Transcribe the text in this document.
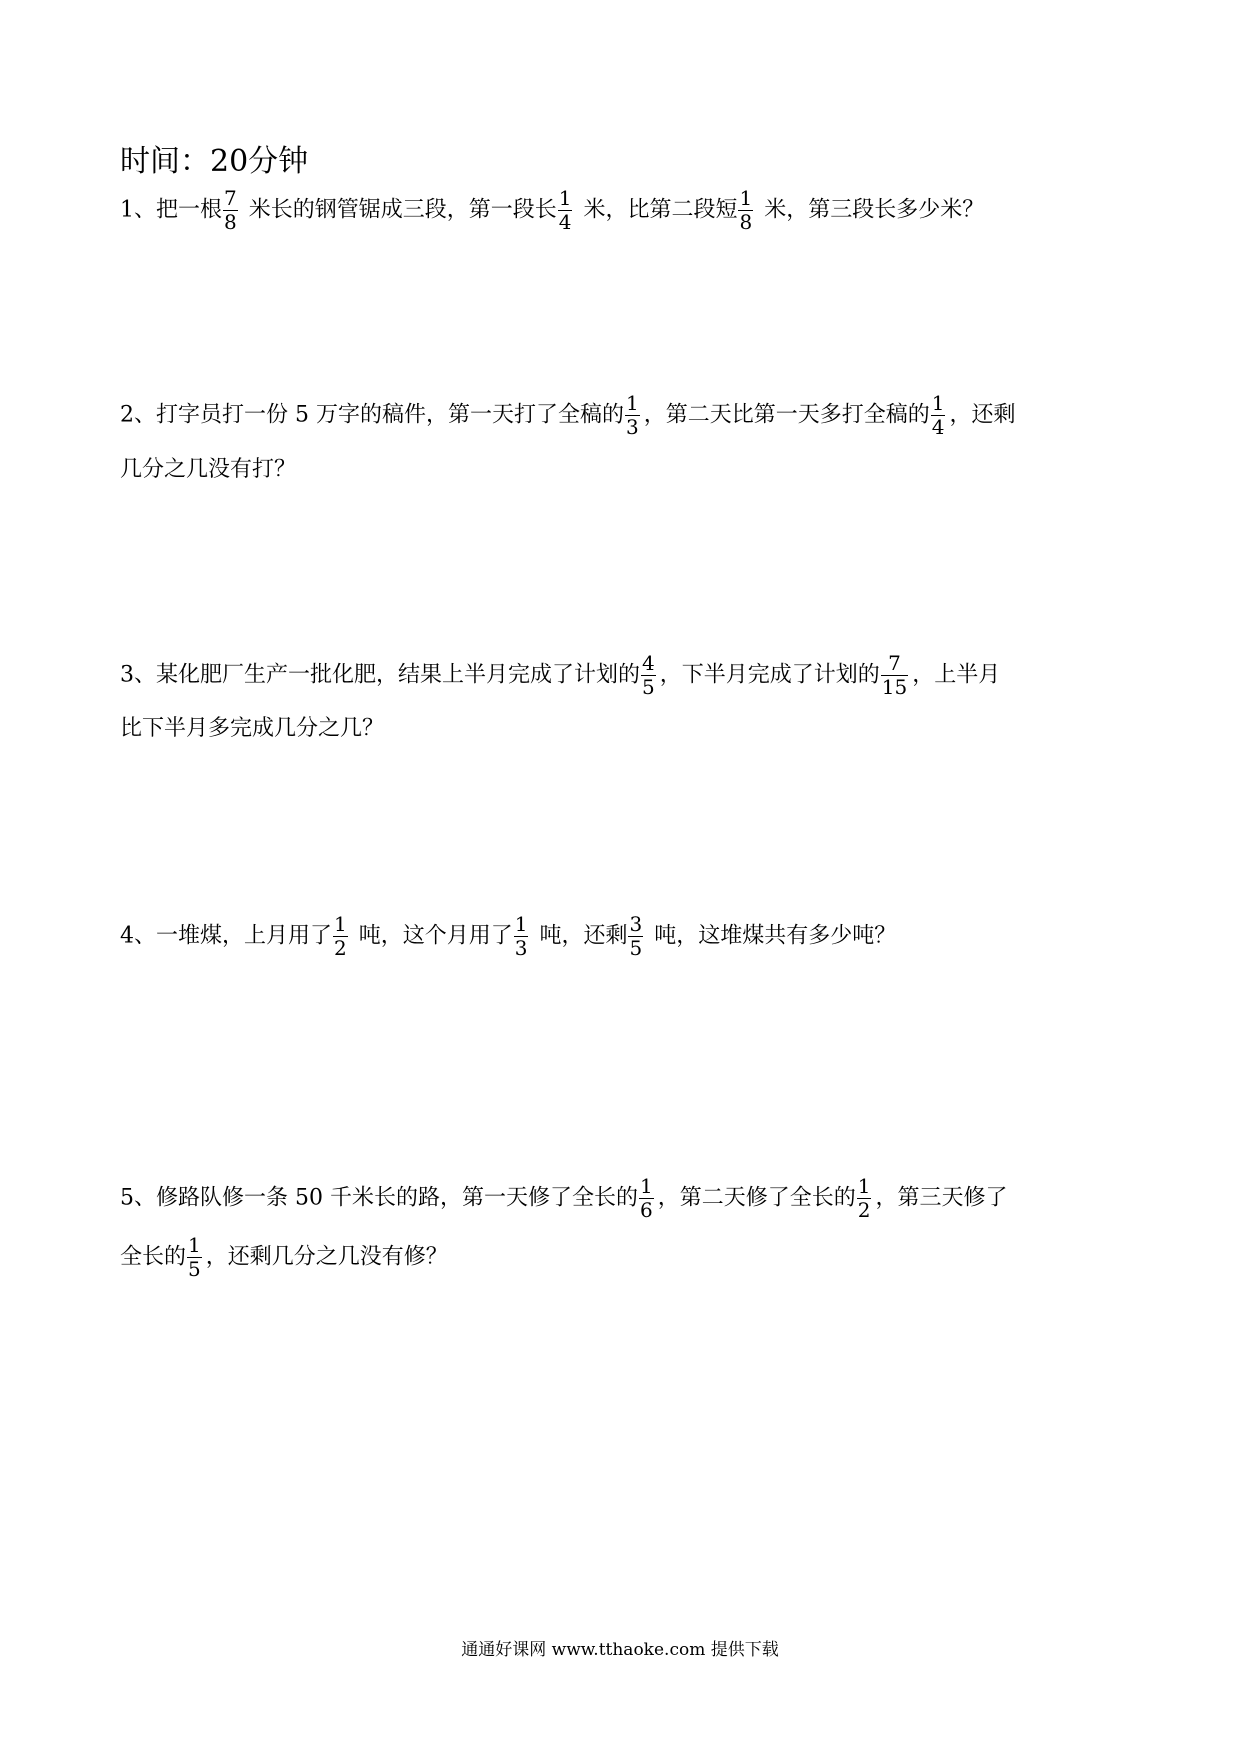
时间：20分钟
1、把一根 $\frac{7}{8}$ 米长的钢管锯成三段，第一段长 $\frac{1}{4}$ 米，比第二段短 $\frac{1}{8}$ 米，第三段长多少米？
2、打字员打一份 5 万字的稿件，第一天打了全稿的 $\frac{1}{3}$ ，第二天比第一天多打全稿的 $\frac{1}{4}$ ，还剩
几分之几没有打？
3、某化肥厂生产一批化肥，结果上半月完成了计划的 $\frac{4}{5}$ ，下半月完成了计划的 $\frac{7}{15}$ ，上半月
比下半月多完成几分之几？
4、一堆煤，上月用了 $\frac{1}{2}$ 吨，这个月用了 $\frac{1}{3}$ 吨，还剩 $\frac{3}{5}$ 吨，这堆煤共有多少吨？
5、修路队修一条 50 千米长的路，第一天修了全长的 $\frac{1}{6}$ ，第二天修了全长的 $\frac{1}{2}$ ，第三天修了
全长的 $\frac{1}{5}$ ，还剩几分之几没有修？
通通好课网 www.tthaoke.com 提供下载
